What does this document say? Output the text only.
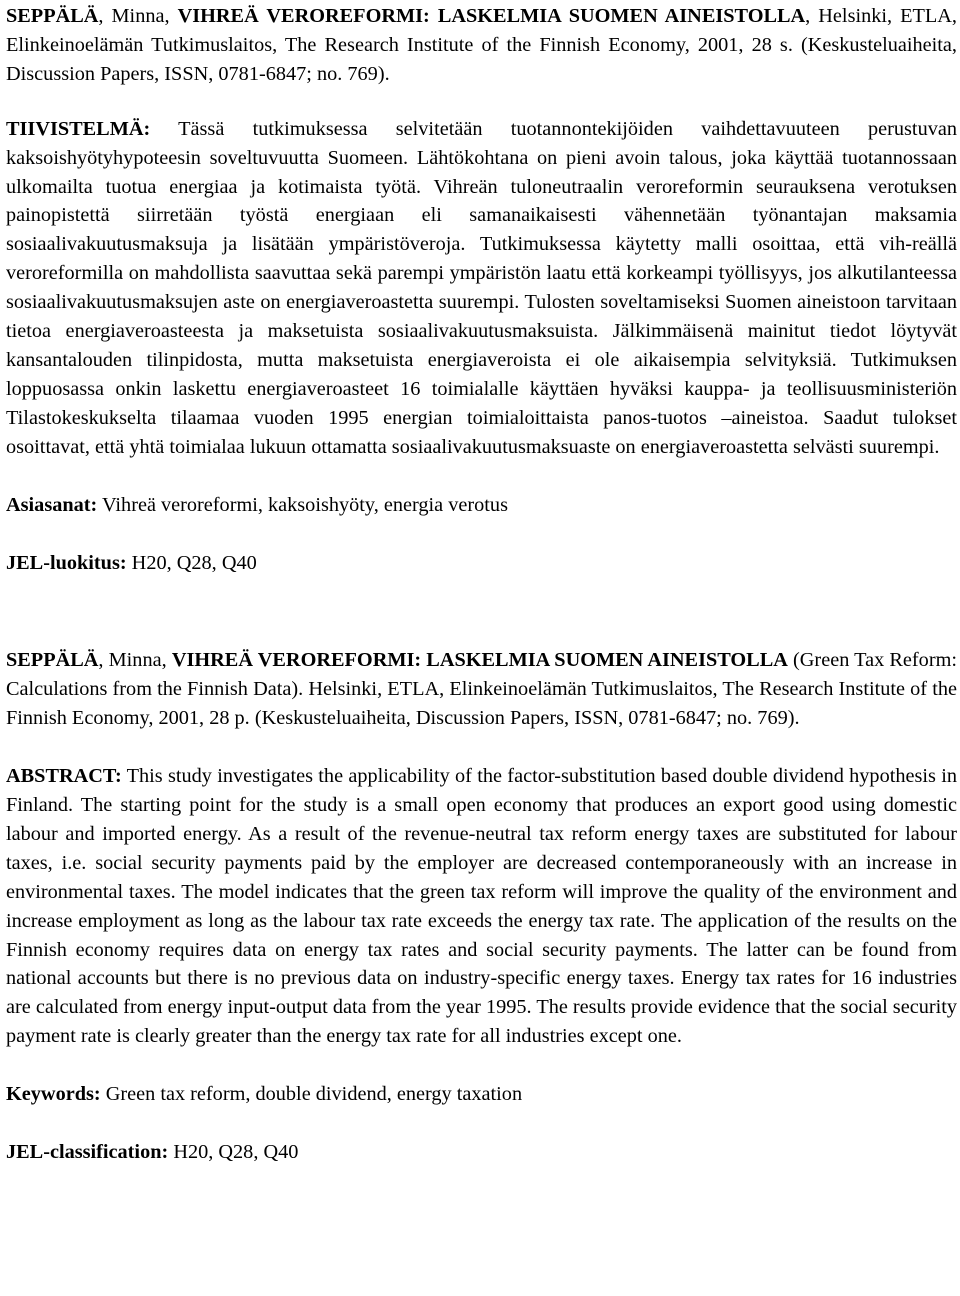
SEPPÄLÄ, Minna, VIHREÄ VEROREFORMI: LASKELMIA SUOMEN AINEISTOLLA, Helsinki, ETLA, Elinkeinoelämän Tutkimuslaitos, The Research Institute of the Finnish Economy, 2001, 28 s. (Keskusteluaiheita, Discussion Papers, ISSN, 0781-6847; no. 769).

TIIVISTELMÄ: Tässä tutkimuksessa selvitetään tuotannontekijöiden vaihdettavuuteen perustuvan kaksoishyötyhypoteesin soveltuvuutta Suomeen. Lähtökohtana on pieni avoin talous, joka käyttää tuotannossaan ulkomailta tuotua energiaa ja kotimaista työtä. Vihreän tuloneutraalin veroreformin seurauksena verotuksen painopistettä siirretään työstä energiaan eli samanaikaisesti vähennetään työnantajan maksamia sosiaalivakuutusmaksuja ja lisätään ympäristöveroja. Tutkimuksessa käytetty malli osoittaa, että vih-reällä veroreformilla on mahdollista saavuttaa sekä parempi ympäristön laatu että korkeampi työllisyys, jos alkutilanteessa sosiaalivakuutusmaksujen aste on energiaveroastetta suurempi. Tulosten soveltamiseksi Suomen aineistoon tarvitaan tietoa energiaveroasteesta ja maksetuista sosiaalivakuutusmaksuista. Jälkimmäisenä mainitut tiedot löytyvät kansantalouden tilinpidosta, mutta maksetuista energiaveroista ei ole aikaisempia selvityksiä. Tutkimuksen loppuosassa onkin laskettu energiaveroasteet 16 toimialalle käyttäen hyväksi kauppa- ja teollisuusministeriön Tilastokeskukselta tilaamaa vuoden 1995 energian toimialoittaista panos-tuotos –aineistoa. Saadut tulokset osoittavat, että yhtä toimialaa lukuun ottamatta sosiaalivakuutusmaksuaste on energiaveroastetta selvästi suurempi.

Asiasanat: Vihreä veroreformi, kaksoishyöty, energia verotus

JEL-luokitus: H20, Q28, Q40

SEPPÄLÄ, Minna, VIHREÄ VEROREFORMI: LASKELMIA SUOMEN AINEISTOLLA (Green Tax Reform: Calculations from the Finnish Data). Helsinki, ETLA, Elinkeinoelämän Tutkimuslaitos, The Research Institute of the Finnish Economy, 2001, 28 p. (Keskusteluaiheita, Discussion Papers, ISSN, 0781-6847; no. 769).

ABSTRACT: This study investigates the applicability of the factor-substitution based double dividend hypothesis in Finland. The starting point for the study is a small open economy that produces an export good using domestic labour and imported energy. As a result of the revenue-neutral tax reform energy taxes are substituted for labour taxes, i.e. social security payments paid by the employer are decreased contemporaneously with an increase in environmental taxes. The model indicates that the green tax reform will improve the quality of the environment and increase employment as long as the labour tax rate exceeds the energy tax rate. The application of the results on the Finnish economy requires data on energy tax rates and social security payments. The latter can be found from national accounts but there is no previous data on industry-specific energy taxes. Energy tax rates for 16 industries are calculated from energy input-output data from the year 1995. The results provide evidence that the social security payment rate is clearly greater than the energy tax rate for all industries except one.

Keywords: Green tax reform, double dividend, energy taxation

JEL-classification: H20, Q28, Q40
